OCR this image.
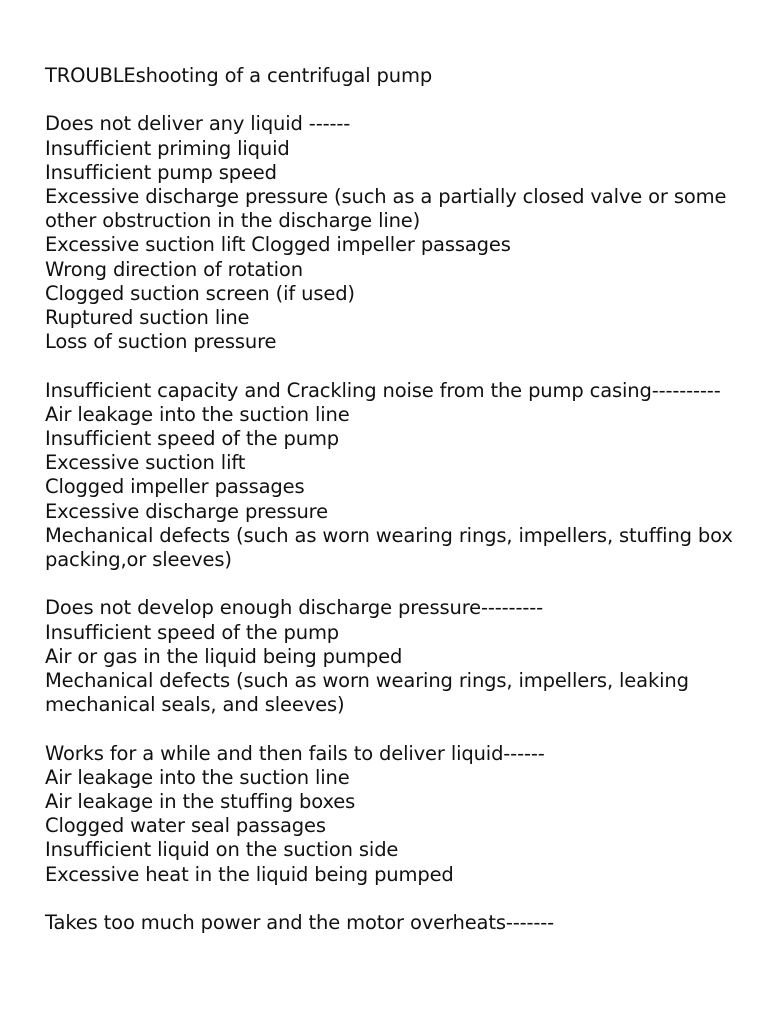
TROUBLEshooting of a centrifugal pump
Does not deliver any liquid ------
Insufficient priming liquid
Insufficient pump speed
Excessive discharge pressure (such as a partially closed valve or some other obstruction in the discharge line)
Excessive suction lift Clogged impeller passages
Wrong direction of rotation
Clogged suction screen (if used)
Ruptured suction line
Loss of suction pressure
Insufficient capacity and Crackling noise from the pump casing----------
Air leakage into the suction line
Insufficient speed of the pump
Excessive suction lift
Clogged impeller passages
Excessive discharge pressure
Mechanical defects (such as worn wearing rings, impellers, stuffing box packing,or sleeves)
Does not develop enough discharge pressure---------
Insufficient speed of the pump
Air or gas in the liquid being pumped
Mechanical defects (such as worn wearing rings, impellers, leaking mechanical seals, and sleeves)
Works for a while and then fails to deliver liquid------
Air leakage into the suction line
Air leakage in the stuffing boxes
Clogged water seal passages
Insufficient liquid on the suction side
Excessive heat in the liquid being pumped
Takes too much power and the motor overheats-------
